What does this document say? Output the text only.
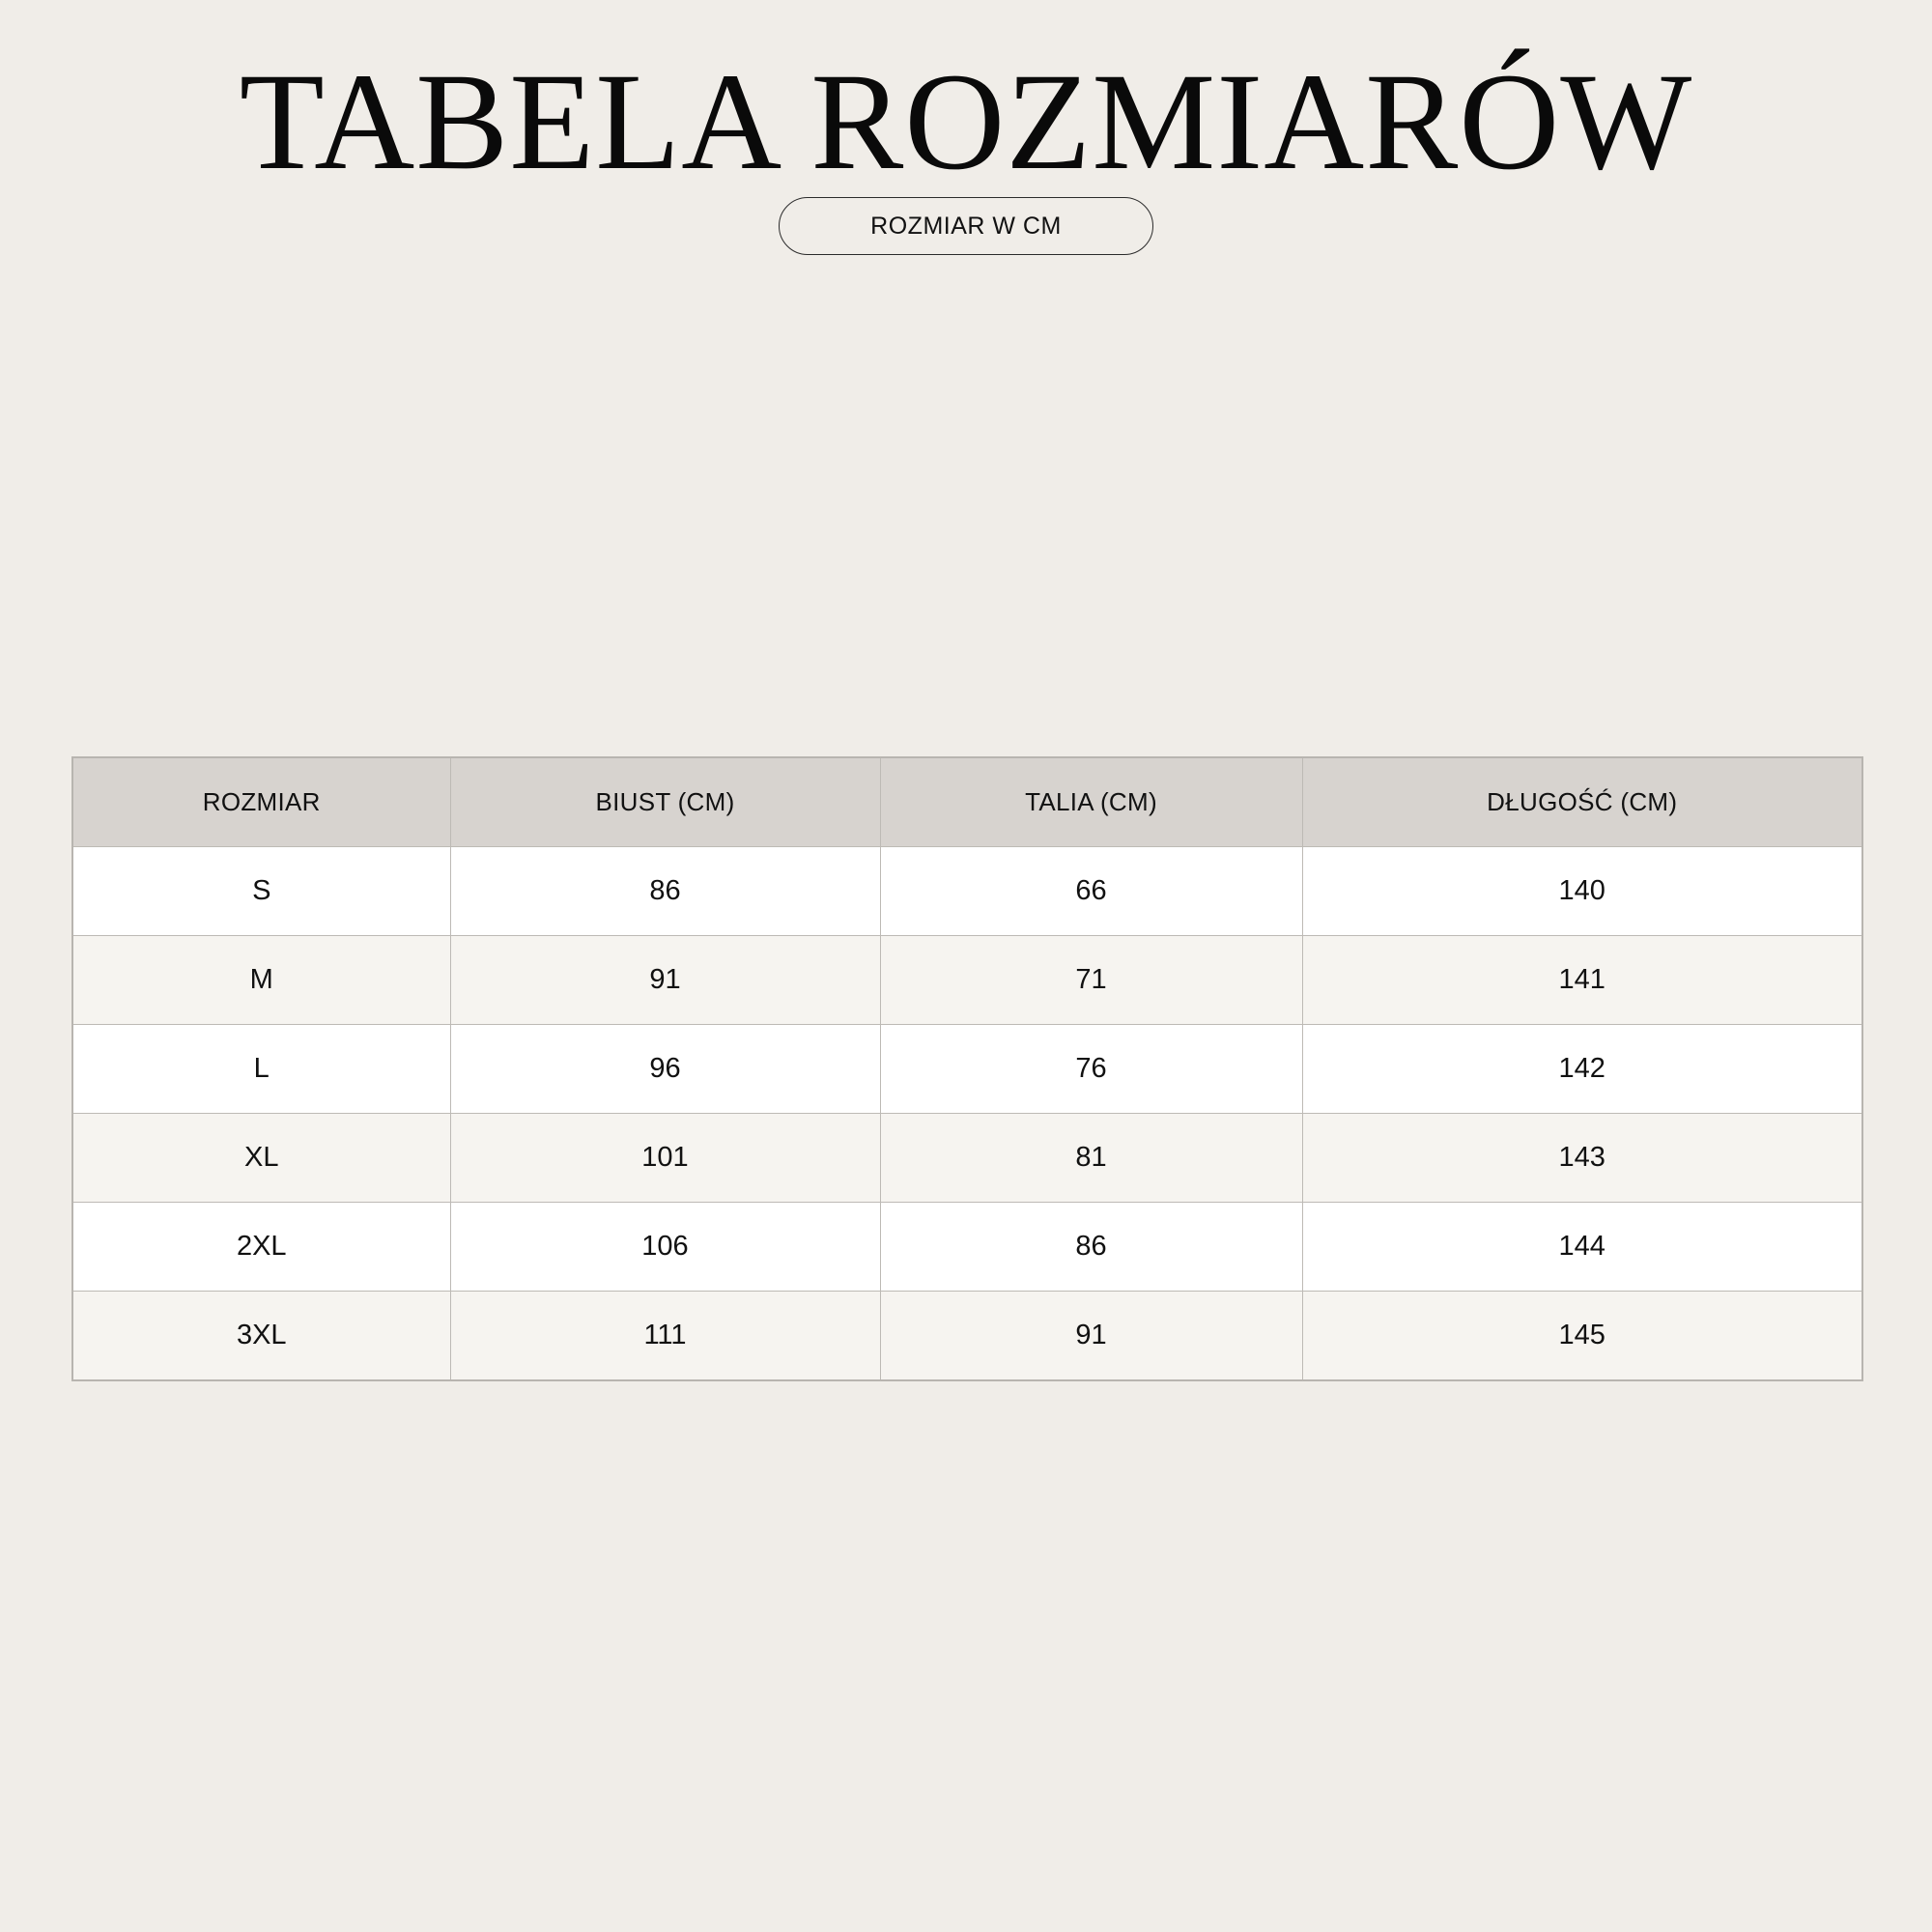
TABELA ROZMIARÓW
ROZMIAR W CM
ROZMIAR	BIUST (CM)	TALIA (CM)	DŁUGOŚĆ (CM)
S	86	66	140
M	91	71	141
L	96	76	142
XL	101	81	143
2XL	106	86	144
3XL	111	91	145
